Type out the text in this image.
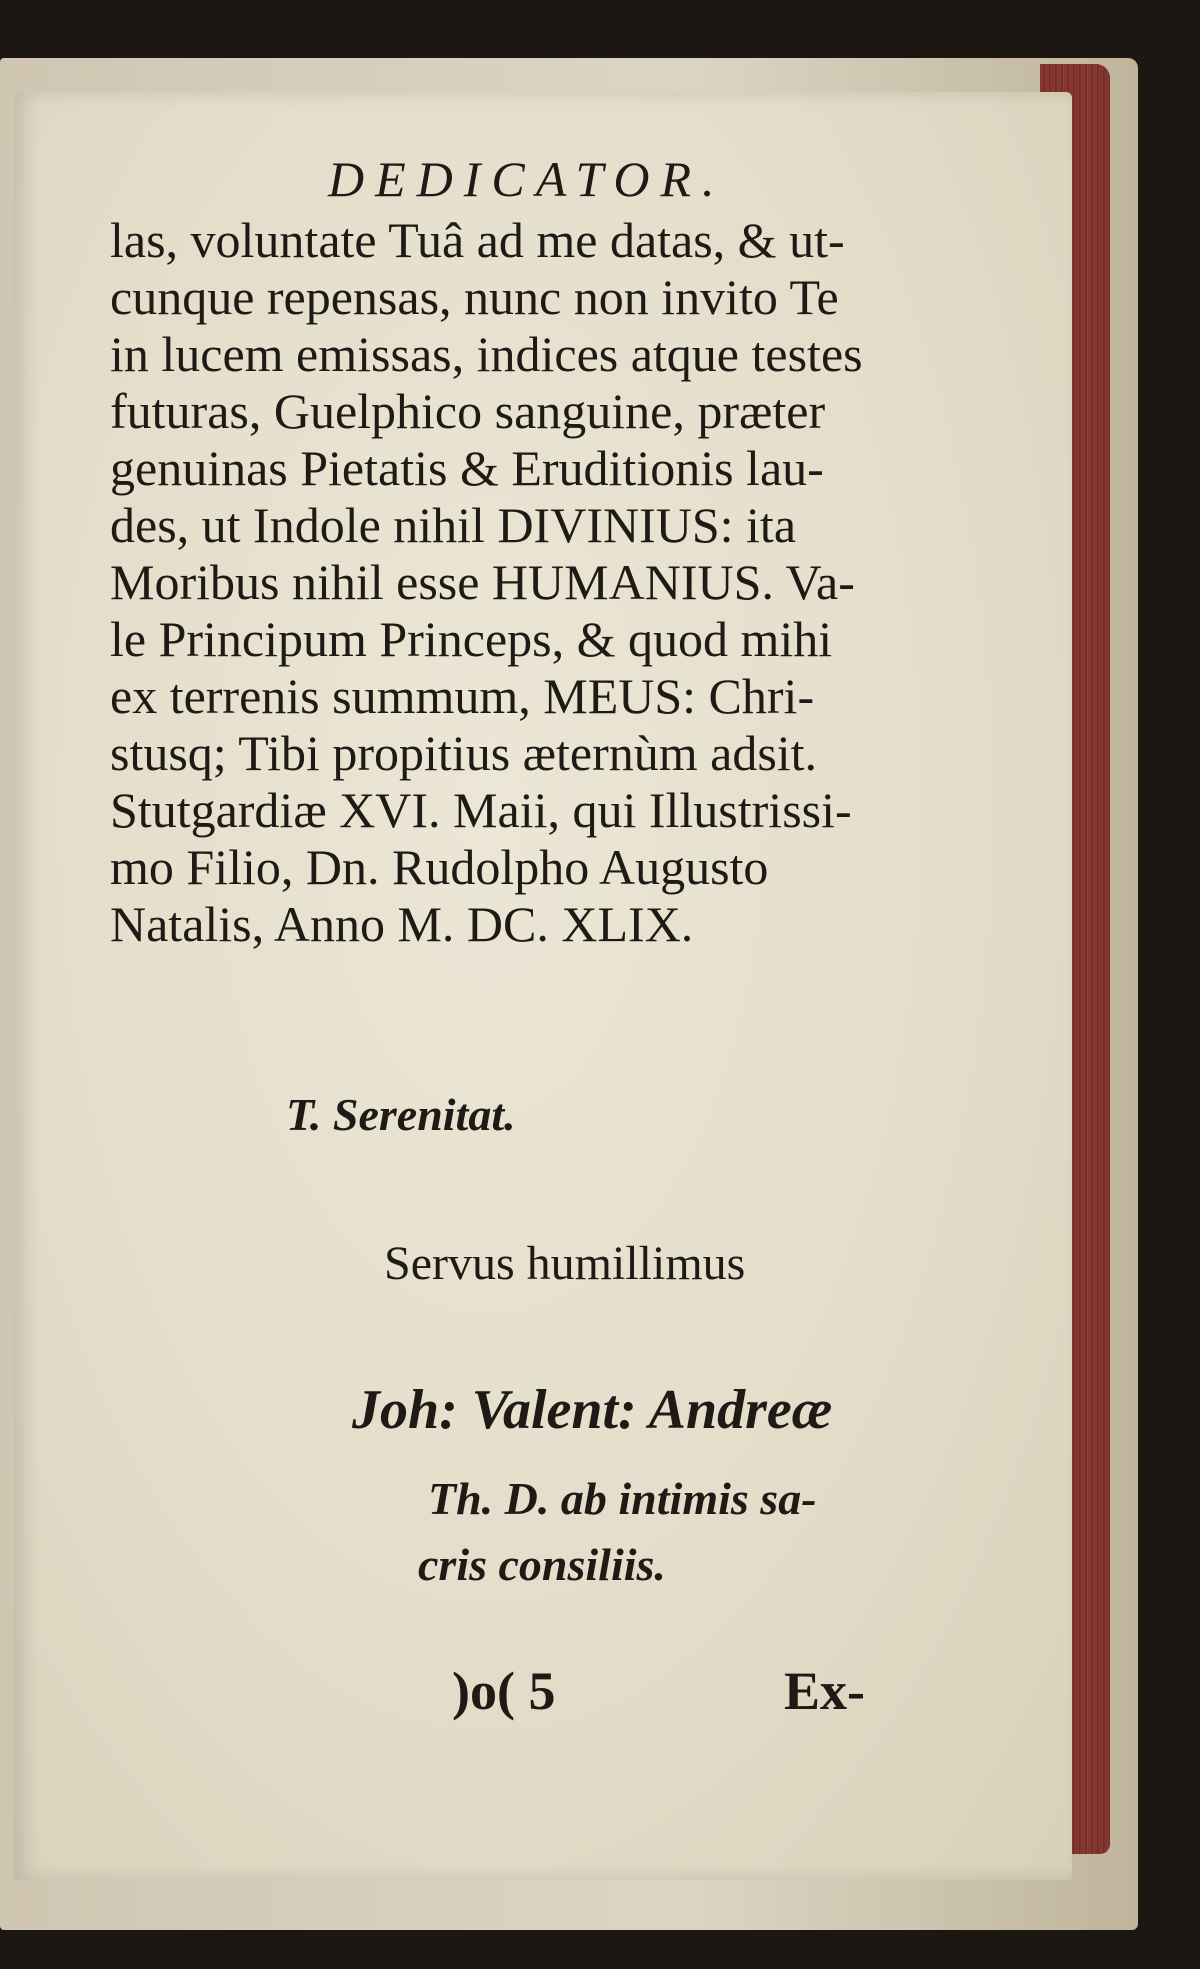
DEDICATOR.
las, voluntate Tuâ ad me datas, & ut-
cunque repensas, nunc non invito Te
in lucem emissas, indices atque testes
futuras, Guelphico sanguine, præter
genuinas Pietatis & Eruditionis lau-
des, ut Indole nihil DIVINIUS: ita
Moribus nihil esse HUMANIUS. Va-
le Principum Princeps, & quod mihi
ex terrenis summum, MEUS: Chri-
stusq; Tibi propitius æternùm adsit.
Stutgardiæ XVI. Maii, qui Illustrissi-
mo Filio, Dn. Rudolpho Augusto
Natalis, Anno M. DC. XLIX.
T. Serenitat.
Servus humillimus
Joh: Valent: Andreæ
Th. D. ab intimis sa-
cris consiliis.
)o( 5	Ex-
